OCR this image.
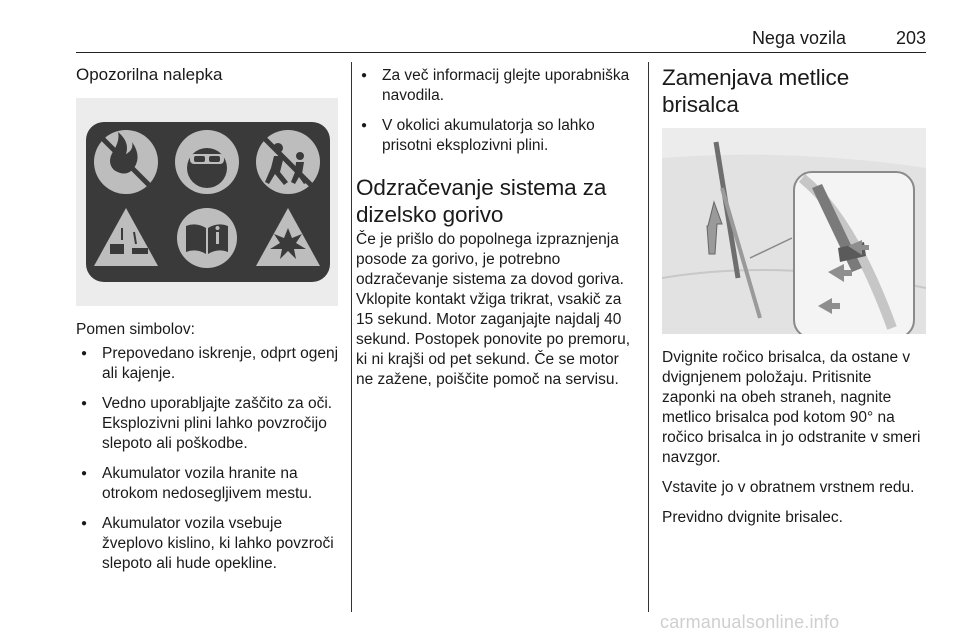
Nega vozila	203
Opozorilna nalepka

Pomen simbolov:

● Prepovedano iskrenje, odprt ogenj ali kajenje.
● Vedno uporabljajte zaščito za oči. Eksplozivni plini lahko povzročijo slepoto ali poškodbe.
● Akumulator vozila hranite na otrokom nedosegljivem mestu.
● Akumulator vozila vsebuje žveplovo kislino, ki lahko povzroči slepoto ali hude opekline.
● Za več informacij glejte uporabniška navodila.
● V okolici akumulatorja so lahko prisotni eksplozivni plini.
Odzračevanje sistema za dizelsko gorivo

Če je prišlo do popolnega izpraznjenja posode za gorivo, je potrebno odzračevanje sistema za dovod goriva. Vklopite kontakt vžiga trikrat, vsakič za 15 sekund. Motor zaganjajte najdalj 40 sekund. Postopek ponovite po premoru, ki ni krajši od pet sekund. Če se motor ne zažene, poiščite pomoč na servisu.

Zamenjava metlice brisalca

Dvignite ročico brisalca, da ostane v dvignjenem položaju. Pritisnite zaponki na obeh straneh, nagnite metlico brisalca pod kotom 90° na ročico brisalca in jo odstranite v smeri navzgor.

Vstavite jo v obratnem vrstnem redu.

Previdno dvignite brisalec.

carmanualsonline.info
